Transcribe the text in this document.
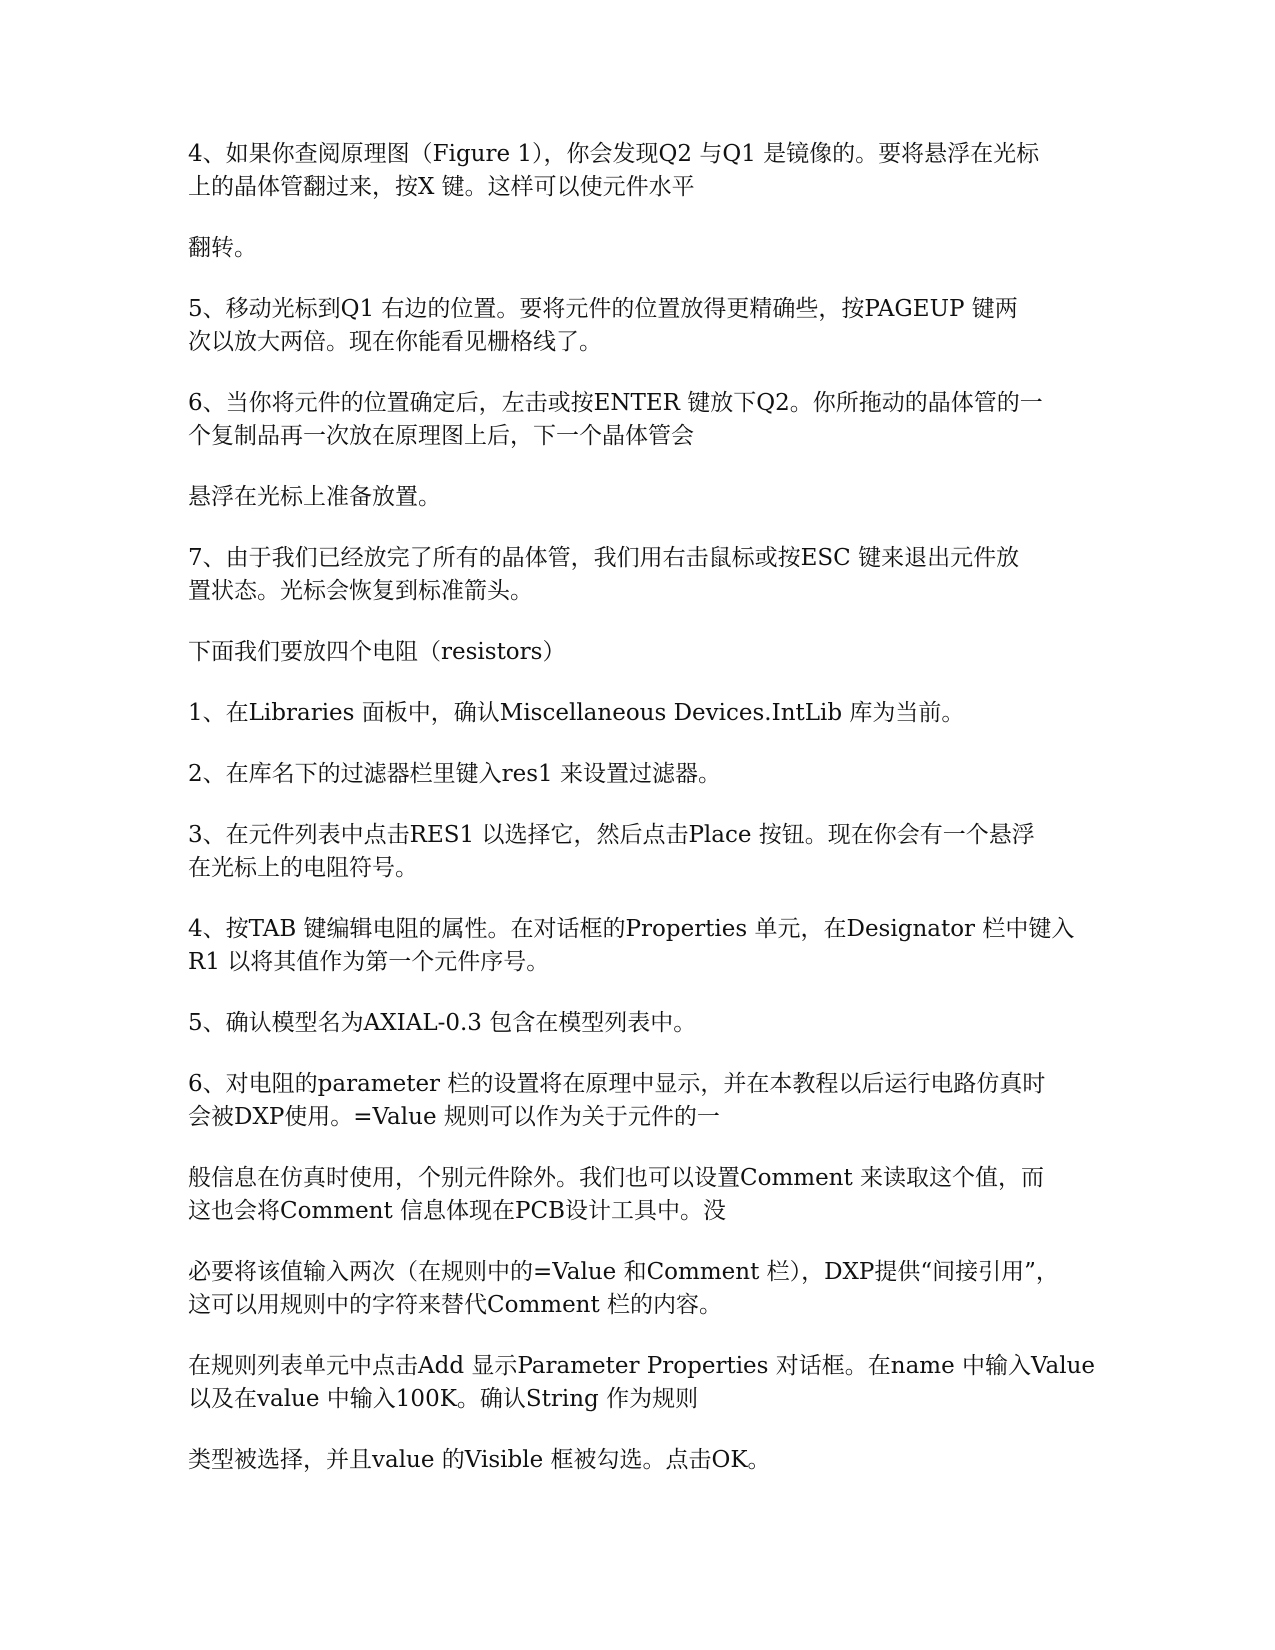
4、如果你查阅原理图（Figure 1），你会发现Q2 与Q1 是镜像的。要将悬浮在光标
上的晶体管翻过来，按X 键。这样可以使元件水平

翻转。

5、移动光标到Q1 右边的位置。要将元件的位置放得更精确些，按PAGEUP 键两
次以放大两倍。现在你能看见栅格线了。

6、当你将元件的位置确定后，左击或按ENTER 键放下Q2。你所拖动的晶体管的一
个复制品再一次放在原理图上后，下一个晶体管会

悬浮在光标上准备放置。

7、由于我们已经放完了所有的晶体管，我们用右击鼠标或按ESC 键来退出元件放
置状态。光标会恢复到标准箭头。

下面我们要放四个电阻（resistors）

1、在Libraries 面板中，确认Miscellaneous Devices.IntLib 库为当前。

2、在库名下的过滤器栏里键入res1 来设置过滤器。

3、在元件列表中点击RES1 以选择它，然后点击Place 按钮。现在你会有一个悬浮
在光标上的电阻符号。

4、按TAB 键编辑电阻的属性。在对话框的Properties 单元，在Designator 栏中键入
R1 以将其值作为第一个元件序号。

5、确认模型名为AXIAL-0.3 包含在模型列表中。

6、对电阻的parameter 栏的设置将在原理中显示，并在本教程以后运行电路仿真时
会被DXP使用。=Value 规则可以作为关于元件的一

般信息在仿真时使用，个别元件除外。我们也可以设置Comment 来读取这个值，而
这也会将Comment 信息体现在PCB设计工具中。没

必要将该值输入两次（在规则中的=Value 和Comment 栏），DXP提供“间接引用”，
这可以用规则中的字符来替代Comment 栏的内容。

在规则列表单元中点击Add 显示Parameter Properties 对话框。在name 中输入Value
以及在value 中输入100K。确认String 作为规则

类型被选择，并且value 的Visible 框被勾选。点击OK。
